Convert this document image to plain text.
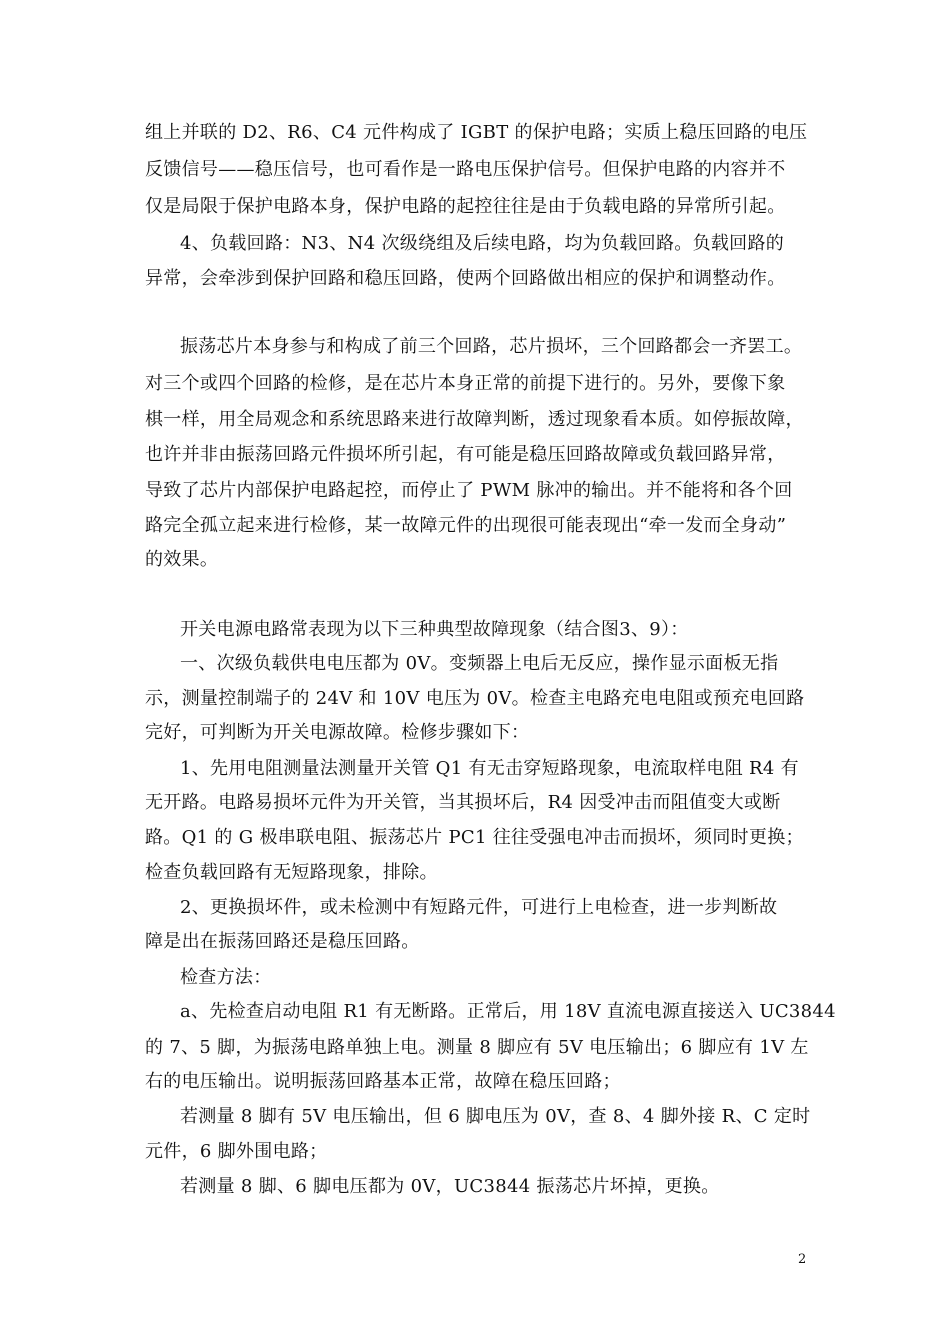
组上并联的 D2、R6、C4 元件构成了 IGBT 的保护电路；实质上稳压回路的电压
反馈信号——稳压信号，也可看作是一路电压保护信号。但保护电路的内容并不
仅是局限于保护电路本身，保护电路的起控往往是由于负载电路的异常所引起。
4、负载回路：N3、N4 次级绕组及后续电路，均为负载回路。负载回路的
异常，会牵涉到保护回路和稳压回路，使两个回路做出相应的保护和调整动作。
振荡芯片本身参与和构成了前三个回路，芯片损坏，三个回路都会一齐罢工。
对三个或四个回路的检修，是在芯片本身正常的前提下进行的。另外，要像下象
棋一样，用全局观念和系统思路来进行故障判断，透过现象看本质。如停振故障，
也许并非由振荡回路元件损坏所引起，有可能是稳压回路故障或负载回路异常，
导致了芯片内部保护电路起控，而停止了 PWM 脉冲的输出。并不能将和各个回
路完全孤立起来进行检修，某一故障元件的出现很可能表现出“牵一发而全身动”
的效果。
开关电源电路常表现为以下三种典型故障现象（结合图3、9）：
一、次级负载供电电压都为 0V。变频器上电后无反应，操作显示面板无指
示，测量控制端子的 24V 和 10V 电压为 0V。检查主电路充电电阻或预充电回路
完好，可判断为开关电源故障。检修步骤如下：
1、先用电阻测量法测量开关管 Q1 有无击穿短路现象，电流取样电阻 R4 有
无开路。电路易损坏元件为开关管，当其损坏后，R4 因受冲击而阻值变大或断
路。Q1 的 G 极串联电阻、振荡芯片 PC1 往往受强电冲击而损坏，须同时更换；
检查负载回路有无短路现象，排除。
2、更换损坏件，或未检测中有短路元件，可进行上电检查，进一步判断故
障是出在振荡回路还是稳压回路。
检查方法：
a、先检查启动电阻 R1 有无断路。正常后，用 18V 直流电源直接送入 UC3844
的 7、5 脚，为振荡电路单独上电。测量 8 脚应有 5V 电压输出；6 脚应有 1V 左
右的电压输出。说明振荡回路基本正常，故障在稳压回路；
若测量 8 脚有 5V 电压输出，但 6 脚电压为 0V，查 8、4 脚外接 R、C 定时
元件，6 脚外围电路；
若测量 8 脚、6 脚电压都为 0V，UC3844 振荡芯片坏掉，更换。
2
